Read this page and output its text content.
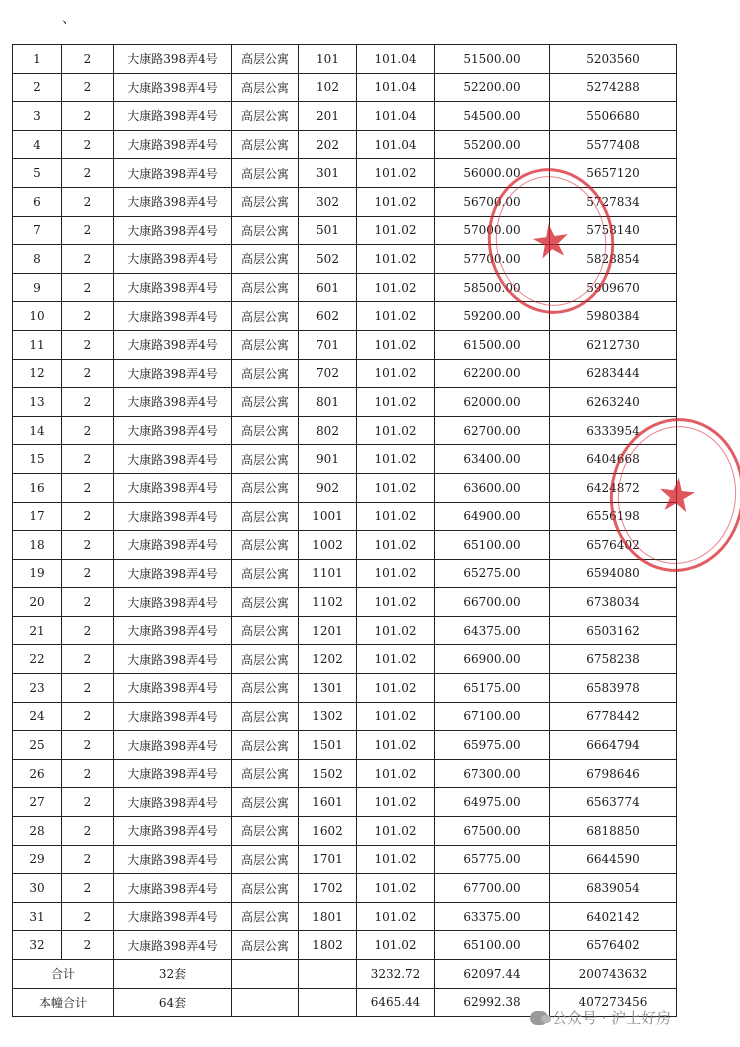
、
1	2	大康路398弄4号	高层公寓	101	101.04	51500.00	5203560
2	2	大康路398弄4号	高层公寓	102	101.04	52200.00	5274288
3	2	大康路398弄4号	高层公寓	201	101.04	54500.00	5506680
4	2	大康路398弄4号	高层公寓	202	101.04	55200.00	5577408
5	2	大康路398弄4号	高层公寓	301	101.02	56000.00	5657120
6	2	大康路398弄4号	高层公寓	302	101.02	56700.00	5727834
7	2	大康路398弄4号	高层公寓	501	101.02	57000.00	5758140
8	2	大康路398弄4号	高层公寓	502	101.02	57700.00	5828854
9	2	大康路398弄4号	高层公寓	601	101.02	58500.00	5909670
10	2	大康路398弄4号	高层公寓	602	101.02	59200.00	5980384
11	2	大康路398弄4号	高层公寓	701	101.02	61500.00	6212730
12	2	大康路398弄4号	高层公寓	702	101.02	62200.00	6283444
13	2	大康路398弄4号	高层公寓	801	101.02	62000.00	6263240
14	2	大康路398弄4号	高层公寓	802	101.02	62700.00	6333954
15	2	大康路398弄4号	高层公寓	901	101.02	63400.00	6404668
16	2	大康路398弄4号	高层公寓	902	101.02	63600.00	6424872
17	2	大康路398弄4号	高层公寓	1001	101.02	64900.00	6556198
18	2	大康路398弄4号	高层公寓	1002	101.02	65100.00	6576402
19	2	大康路398弄4号	高层公寓	1101	101.02	65275.00	6594080
20	2	大康路398弄4号	高层公寓	1102	101.02	66700.00	6738034
21	2	大康路398弄4号	高层公寓	1201	101.02	64375.00	6503162
22	2	大康路398弄4号	高层公寓	1202	101.02	66900.00	6758238
23	2	大康路398弄4号	高层公寓	1301	101.02	65175.00	6583978
24	2	大康路398弄4号	高层公寓	1302	101.02	67100.00	6778442
25	2	大康路398弄4号	高层公寓	1501	101.02	65975.00	6664794
26	2	大康路398弄4号	高层公寓	1502	101.02	67300.00	6798646
27	2	大康路398弄4号	高层公寓	1601	101.02	64975.00	6563774
28	2	大康路398弄4号	高层公寓	1602	101.02	67500.00	6818850
29	2	大康路398弄4号	高层公寓	1701	101.02	65775.00	6644590
30	2	大康路398弄4号	高层公寓	1702	101.02	67700.00	6839054
31	2	大康路398弄4号	高层公寓	1801	101.02	63375.00	6402142
32	2	大康路398弄4号	高层公寓	1802	101.02	65100.00	6576402
合计		32套			3232.72	62097.44	200743632
本幢合计		64套			6465.44	62992.38	407273456
★
★
公众号 · 沪上好房
